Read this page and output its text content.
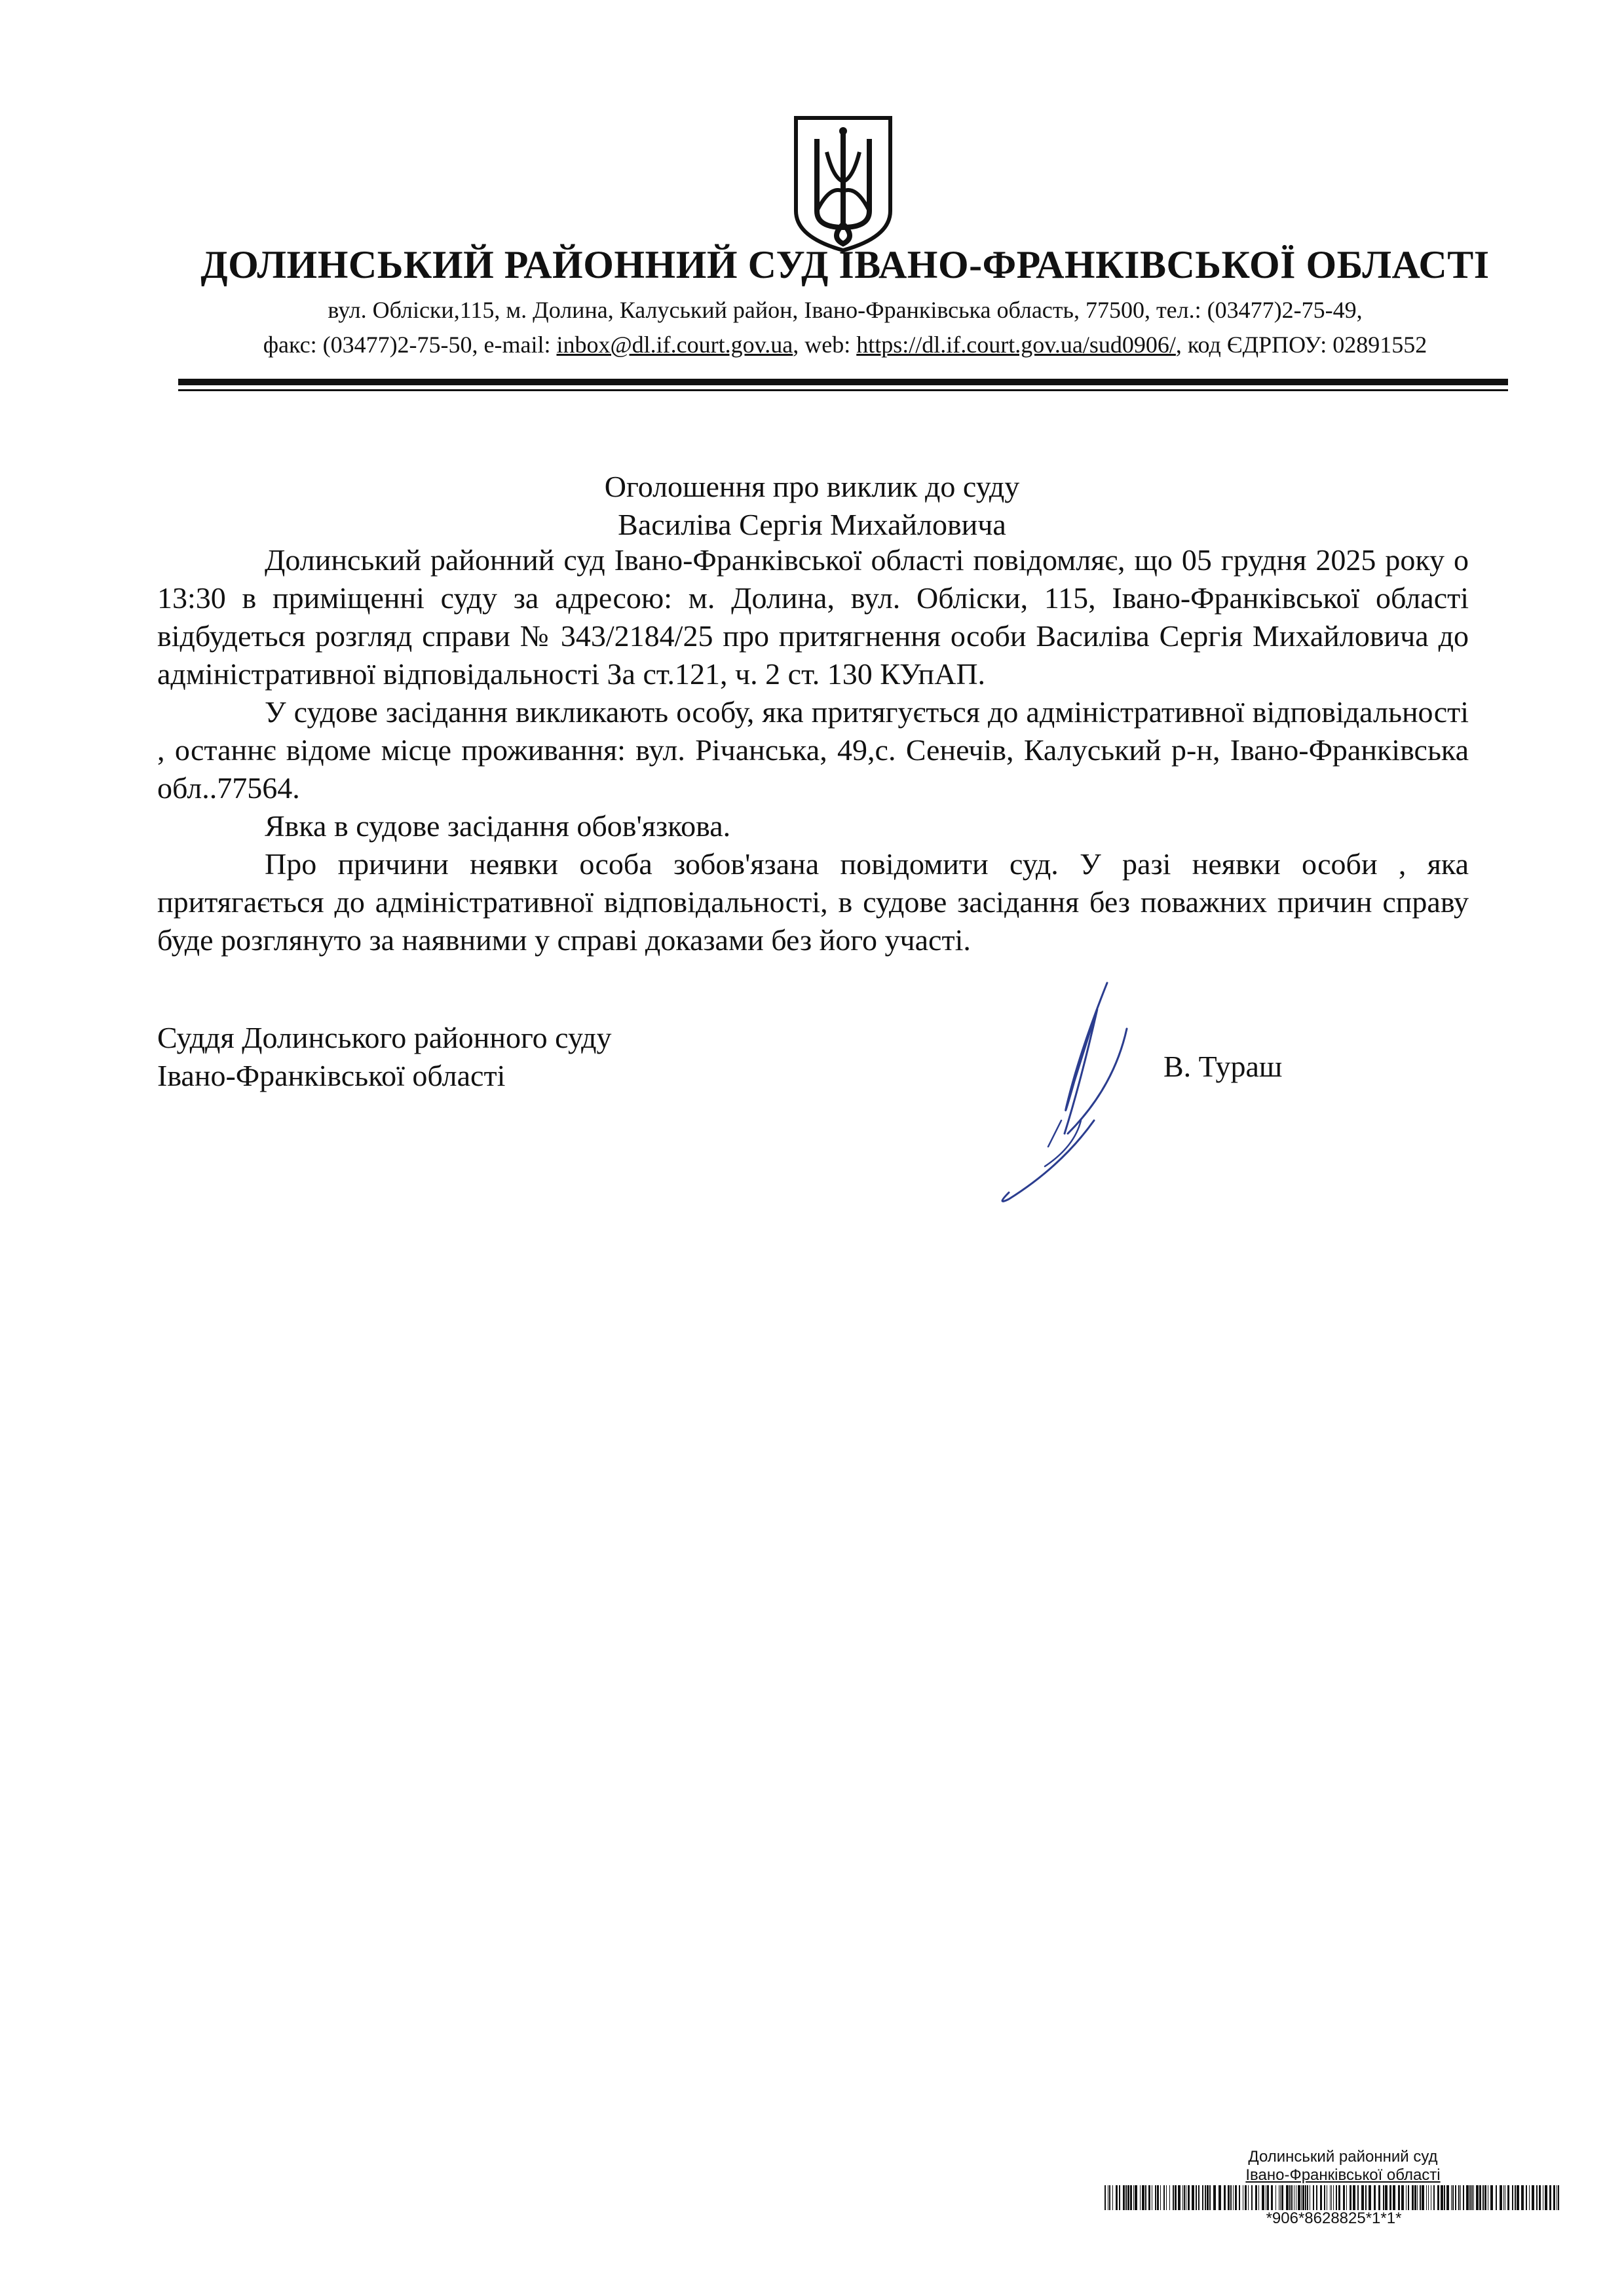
ДОЛИНСЬКИЙ РАЙОННИЙ СУД ІВАНО-ФРАНКІВСЬКОЇ ОБЛАСТІ
вул. Обліски,115, м. Долина, Калуський район, Івано-Франківська область, 77500, тел.: (03477)2-75-49,
факс: (03477)2-75-50, e-mail: inbox@dl.if.court.gov.ua, web: https://dl.if.court.gov.ua/sud0906/, код ЄДРПОУ: 02891552
Оголошення про виклик до суду
Василіва Сергія Михайловича

Долинський районний суд Івано-Франківської області повідомляє, що 05 грудня 2025 року о 13:30 в приміщенні суду за адресою: м. Долина, вул. Обліски, 115, Івано-Франківської області відбудеться розгляд справи № 343/2184/25 про притягнення особи Василіва Сергія Михайловича до адміністративної відповідальності За ст.121, ч. 2 ст. 130 КУпАП.

У судове засідання викликають особу, яка притягується до адміністративної відповідальності , останнє відоме місце проживання: вул. Річанська, 49,с. Сенечів, Калуський р-н, Івано-Франківська обл..77564.

Явка в судове засідання обов'язкова.

Про причини неявки особа зобов'язана повідомити суд. У разі неявки особи , яка притягається до адміністративної відповідальності, в судове засідання без поважних причин справу буде розглянуто за наявними у справі доказами без його участі.

Суддя Долинського районного суду
Івано-Франківської області	В. Тураш
Долинський районний суд
Івано-Франківської області
*906*8628825*1*1*
